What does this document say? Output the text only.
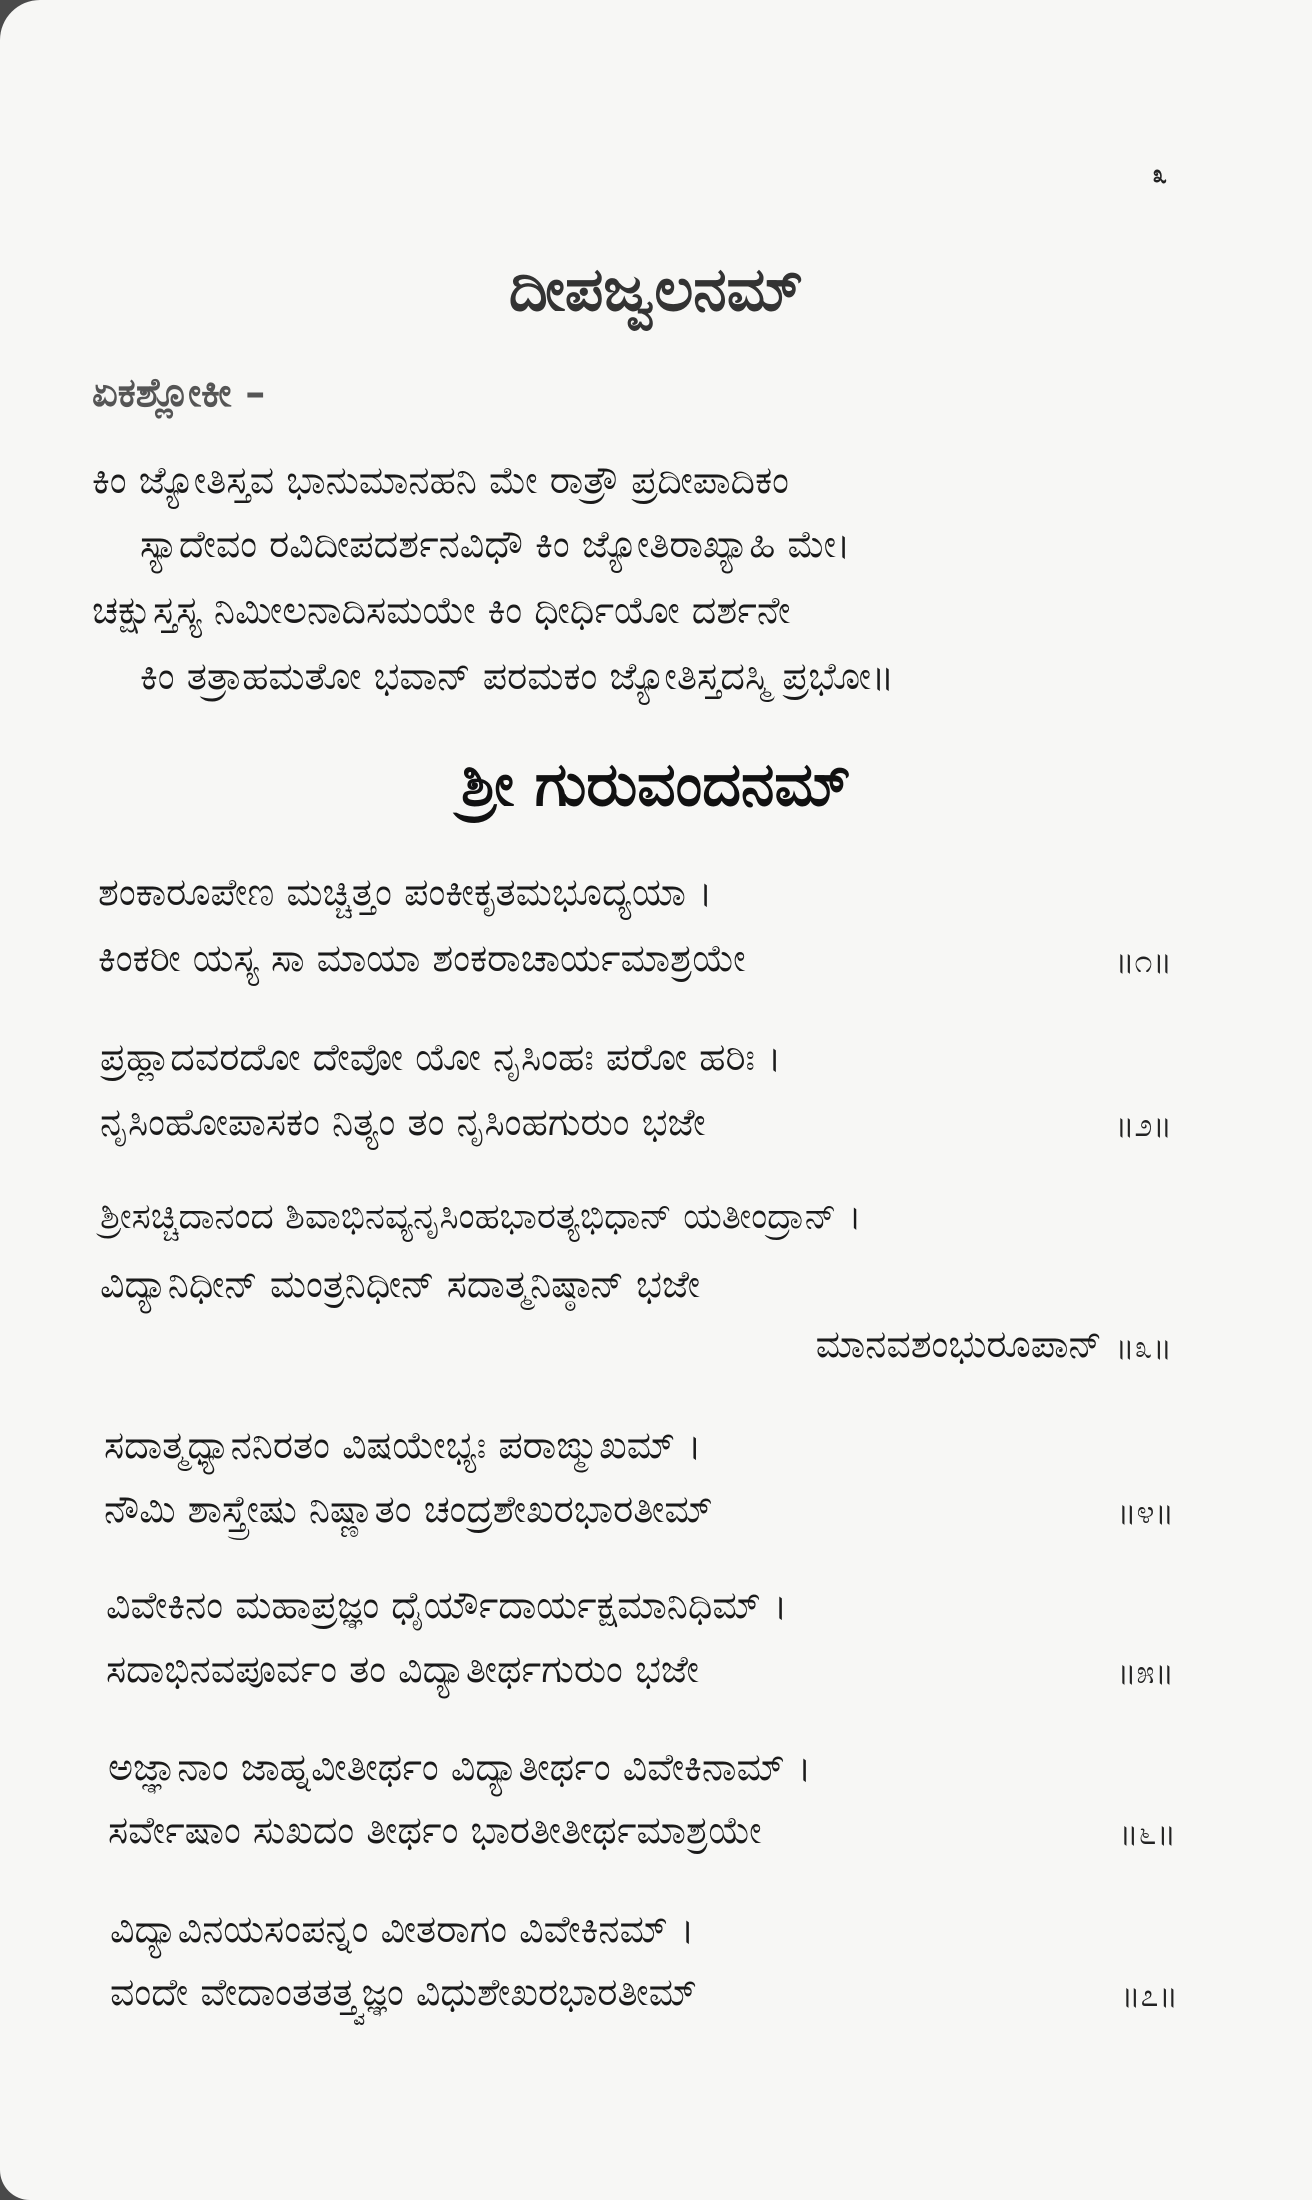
೩
ದೀಪಜ್ವಲನಮ್
ಏಕಶ್ಲೋಕೀ –
ಕಿಂ ಜ್ಯೋತಿಸ್ತವ ಭಾನುಮಾನಹನಿ ಮೇ ರಾತ್ರೌ ಪ್ರದೀಪಾದಿಕಂ
ಸ್ಯಾದೇವಂ ರವಿದೀಪದರ್ಶನವಿಧೌ ಕಿಂ ಜ್ಯೋತಿರಾಖ್ಯಾಹಿ ಮೇ।
ಚಕ್ಷುಸ್ತಸ್ಯ ನಿಮೀಲನಾದಿಸಮಯೇ ಕಿಂ ಧೀರ್ಧಿಯೋ ದರ್ಶನೇ
ಕಿಂ ತತ್ರಾಹಮತೋ ಭವಾನ್ ಪರಮಕಂ ಜ್ಯೋತಿಸ್ತದಸ್ಮಿ ಪ್ರಭೋ॥
ಶ್ರೀ ಗುರುವಂದನಮ್
ಶಂಕಾರೂಪೇಣ ಮಚ್ಚಿತ್ತಂ ಪಂಕೀಕೃತಮಭೂದ್ಯಯಾ ।
ಕಿಂಕರೀ ಯಸ್ಯ ಸಾ ಮಾಯಾ ಶಂಕರಾಚಾರ್ಯಮಾಶ್ರಯೇ	॥೧॥
ಪ್ರಹ್ಲಾದವರದೋ ದೇವೋ ಯೋ ನೃಸಿಂಹಃ ಪರೋ ಹರಿಃ ।
ನೃಸಿಂಹೋಪಾಸಕಂ ನಿತ್ಯಂ ತಂ ನೃಸಿಂಹಗುರುಂ ಭಜೇ	॥೨॥
ಶ್ರೀಸಚ್ಚಿದಾನಂದ ಶಿವಾಭಿನವ್ಯನೃಸಿಂಹಭಾರತ್ಯಭಿಧಾನ್ ಯತೀಂದ್ರಾನ್ ।
ವಿದ್ಯಾನಿಧೀನ್ ಮಂತ್ರನಿಧೀನ್ ಸದಾತ್ಮನಿಷ್ಠಾನ್ ಭಜೇ
ಮಾನವಶಂಭುರೂಪಾನ್ ॥೩॥
ಸದಾತ್ಮಧ್ಯಾನನಿರತಂ ವಿಷಯೇಭ್ಯಃ ಪರಾಙ್ಮುಖಮ್ ।
ನೌಮಿ ಶಾಸ್ತ್ರೇಷು ನಿಷ್ಣಾತಂ ಚಂದ್ರಶೇಖರಭಾರತೀಮ್	॥೪॥
ವಿವೇಕಿನಂ ಮಹಾಪ್ರಜ್ಞಂ ಧೈರ್ಯೌದಾರ್ಯಕ್ಷಮಾನಿಧಿಮ್ ।
ಸದಾಭಿನವಪೂರ್ವಂ ತಂ ವಿದ್ಯಾತೀರ್ಥಗುರುಂ ಭಜೇ	॥೫॥
ಅಜ್ಞಾನಾಂ ಜಾಹ್ನವೀತೀರ್ಥಂ ವಿದ್ಯಾತೀರ್ಥಂ ವಿವೇಕಿನಾಮ್ ।
ಸರ್ವೇಷಾಂ ಸುಖದಂ ತೀರ್ಥಂ ಭಾರತೀತೀರ್ಥಮಾಶ್ರಯೇ	॥೬॥
ವಿದ್ಯಾವಿನಯಸಂಪನ್ನಂ ವೀತರಾಗಂ ವಿವೇಕಿನಮ್ ।
ವಂದೇ ವೇದಾಂತತತ್ತ್ವಜ್ಞಂ ವಿಧುಶೇಖರಭಾರತೀಮ್	॥೭॥
